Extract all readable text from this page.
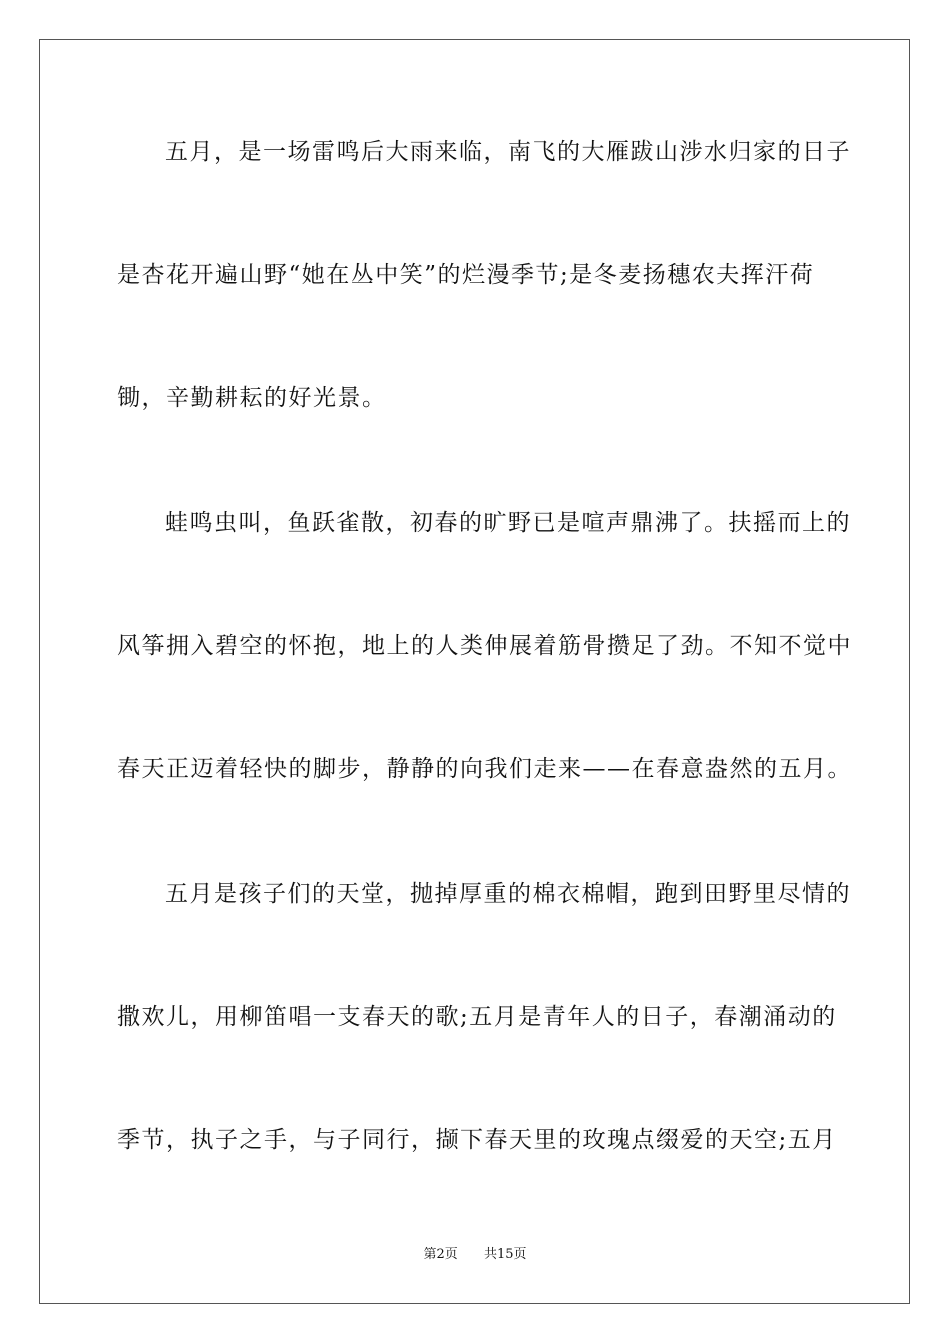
五月，是一场雷鸣后大雨来临，南飞的大雁跋山涉水归家的日子

是杏花开遍山野“她在丛中笑”的烂漫季节;是冬麦扬穗农夫挥汗荷

锄，辛勤耕耘的好光景。

蛙鸣虫叫，鱼跃雀散，初春的旷野已是喧声鼎沸了。扶摇而上的

风筝拥入碧空的怀抱，地上的人类伸展着筋骨攒足了劲。不知不觉中

春天正迈着轻快的脚步，静静的向我们走来——在春意盎然的五月。

五月是孩子们的天堂，抛掉厚重的棉衣棉帽，跑到田野里尽情的

撒欢儿，用柳笛唱一支春天的歌;五月是青年人的日子，春潮涌动的

季节，执子之手，与子同行，撷下春天里的玫瑰点缀爱的天空;五月

第2页 共15页
